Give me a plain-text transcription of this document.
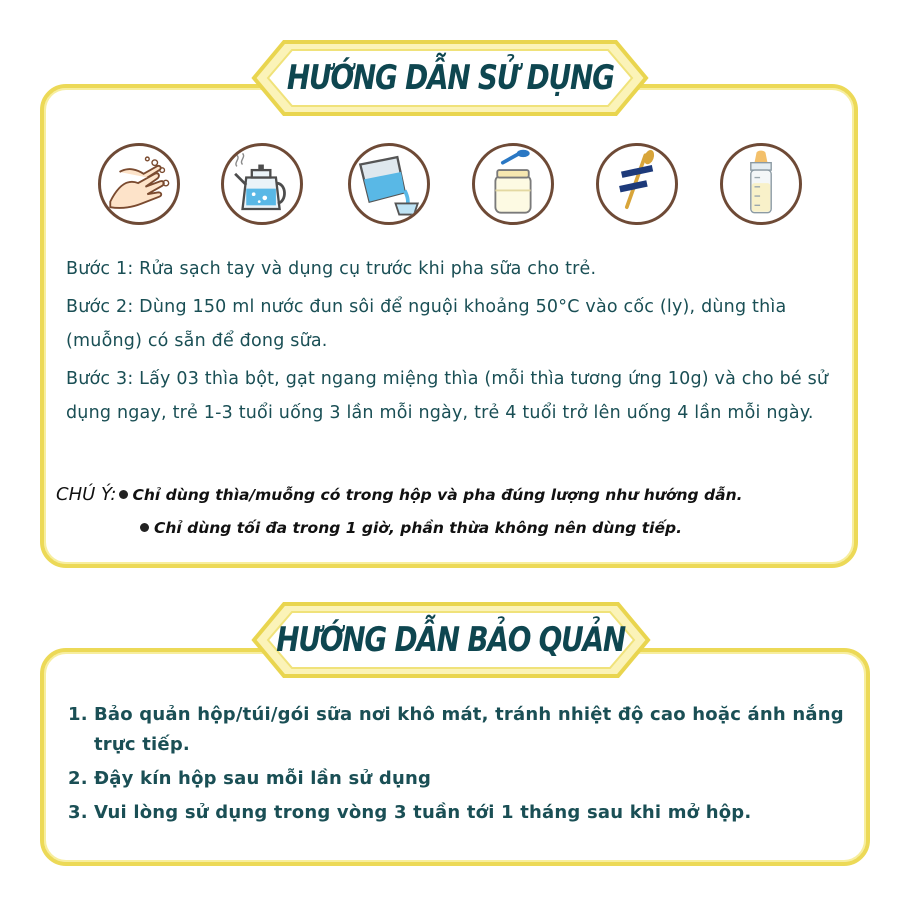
HƯỚNG DẪN SỬ DỤNG
Bước 1: Rửa sạch tay và dụng cụ trước khi pha sữa cho trẻ.
Bước 2: Dùng 150 ml nước đun sôi để nguội khoảng 50°C vào cốc (ly), dùng thìa (muỗng) có sẵn để đong sữa.
Bước 3: Lấy 03 thìa bột, gạt ngang miệng thìa (mỗi thìa tương ứng 10g) và cho bé sử dụng ngay, trẻ 1-3 tuổi uống 3 lần mỗi ngày, trẻ 4 tuổi trở lên uống 4 lần mỗi ngày.
CHÚ Ý: Chỉ dùng thìa/muỗng có trong hộp và pha đúng lượng như hướng dẫn.
Chỉ dùng tối đa trong 1 giờ, phần thừa không nên dùng tiếp.
HƯỚNG DẪN BẢO QUẢN
1. Bảo quản hộp/túi/gói sữa nơi khô mát, tránh nhiệt độ cao hoặc ánh nắng trực tiếp.
2. Đậy kín hộp sau mỗi lần sử dụng
3. Vui lòng sử dụng trong vòng 3 tuần tới 1 tháng sau khi mở hộp.
